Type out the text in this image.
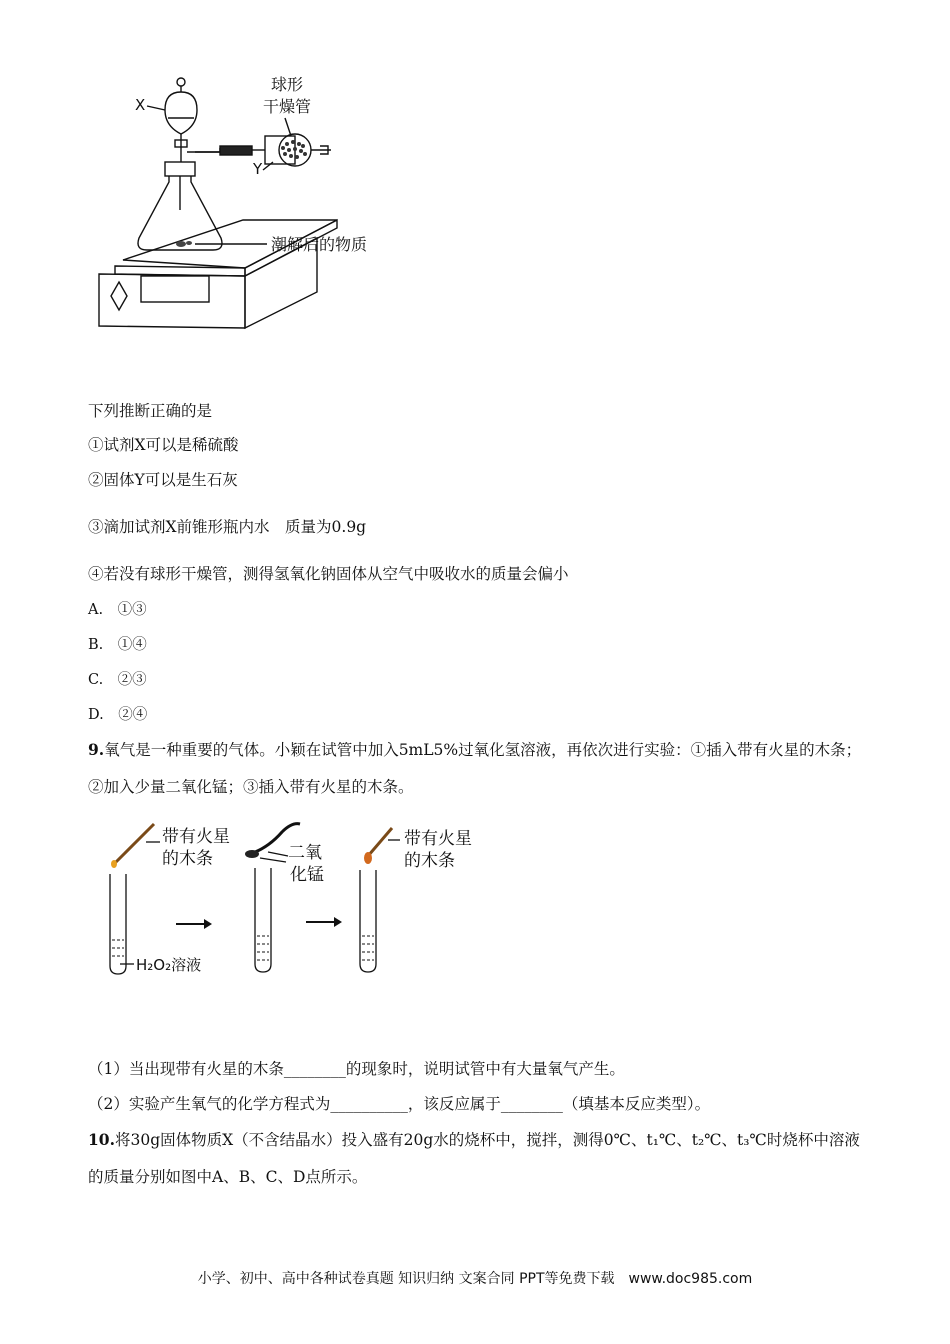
X
Y
球形
干燥管
潮解后的物质
下列推断正确的是
①试剂X可以是稀硫酸
②固体Y可以是生石灰
③滴加试剂X前锥形瓶内水　质量为0.9g
④若没有球形干燥管，测得氢氧化钠固体从空气中吸收水的质量会偏小
A.　①③
B.　①④
C.　②③
D.　②④
9.氧气是一种重要的气体。小颖在试管中加入5mL5%过氧化氢溶液，再依次进行实验：①插入带有火星的木条；②加入少量二氧化锰；③插入带有火星的木条。
带有火星
的木条	二氧
化锰
带有火星
的木条
H₂O₂溶液
（1）当出现带有火星的木条________的现象时，说明试管中有大量氧气产生。
（2）实验产生氧气的化学方程式为__________，该反应属于________（填基本反应类型）。
10.将30g固体物质X（不含结晶水）投入盛有20g水的烧杯中，搅拌，测得0℃、t₁℃、t₂℃、t₃℃时烧杯中溶液的质量分别如图中A、B、C、D点所示。
小学、初中、高中各种试卷真题 知识归纳 文案合同 PPT等免费下载　www.doc985.com
